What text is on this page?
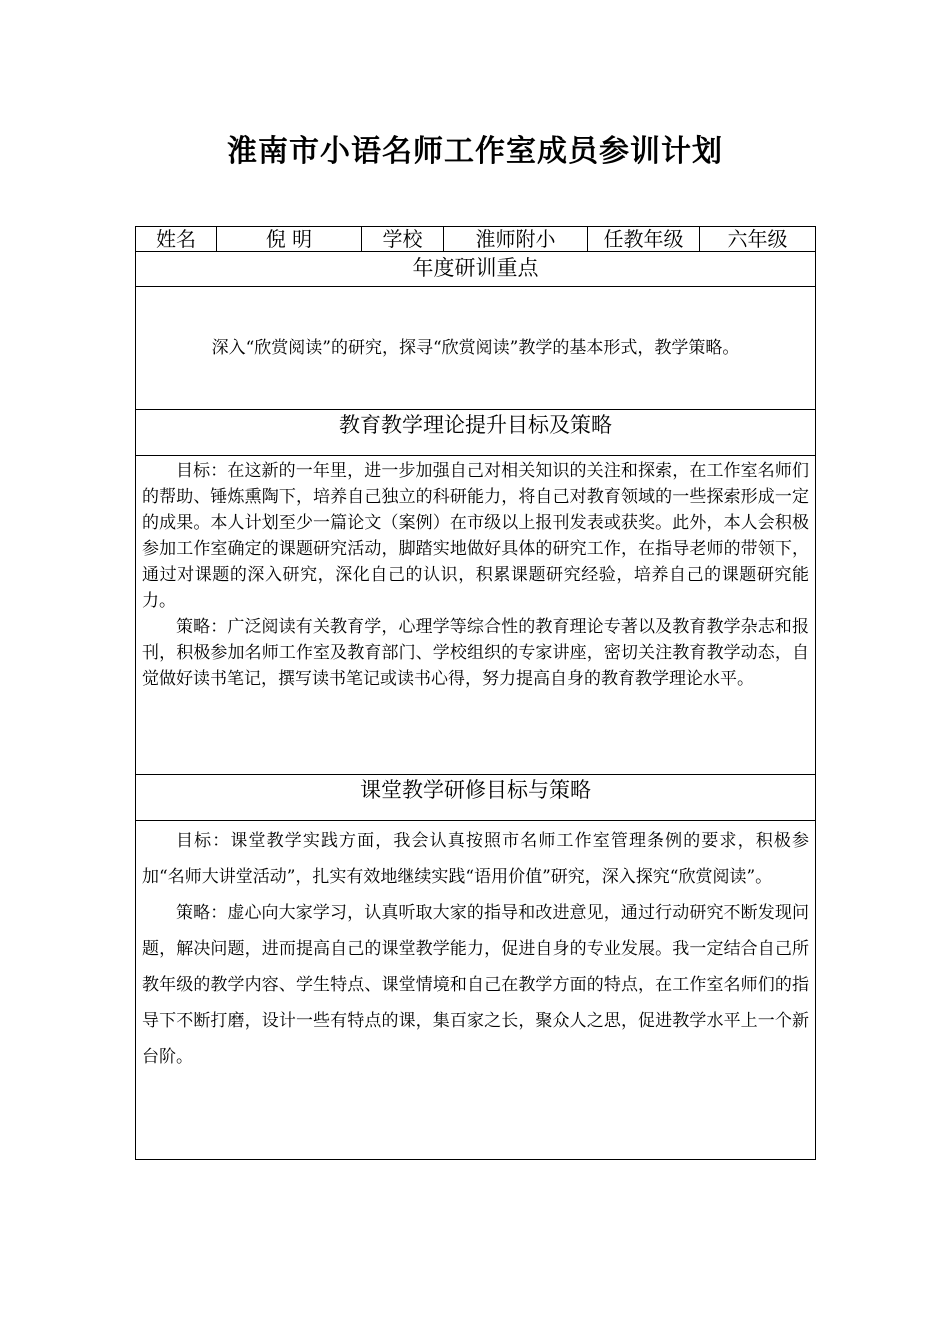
淮南市小语名师工作室成员参训计划
姓名	倪 明	学校	淮师附小	任教年级	六年级
年度研训重点
深入“欣赏阅读”的研究，探寻“欣赏阅读”教学的基本形式，教学策略。
教育教学理论提升目标及策略

目标：在这新的一年里，进一步加强自己对相关知识的关注和探索，在工作室名师们的帮助、锤炼熏陶下，培养自己独立的科研能力，将自己对教育领域的一些探索形成一定的成果。本人计划至少一篇论文（案例）在市级以上报刊发表或获奖。此外，本人会积极参加工作室确定的课题研究活动，脚踏实地做好具体的研究工作，在指导老师的带领下，通过对课题的深入研究，深化自己的认识，积累课题研究经验，培养自己的课题研究能力。

策略：广泛阅读有关教育学，心理学等综合性的教育理论专著以及教育教学杂志和报刊，积极参加名师工作室及教育部门、学校组织的专家讲座，密切关注教育教学动态，自觉做好读书笔记，撰写读书笔记或读书心得，努力提高自身的教育教学理论水平。

课堂教学研修目标与策略

目标：课堂教学实践方面，我会认真按照市名师工作室管理条例的要求，积极参加“名师大讲堂活动”，扎实有效地继续实践“语用价值”研究，深入探究“欣赏阅读”。

策略：虚心向大家学习，认真听取大家的指导和改进意见，通过行动研究不断发现问题，解决问题，进而提高自己的课堂教学能力，促进自身的专业发展。我一定结合自己所教年级的教学内容、学生特点、课堂情境和自己在教学方面的特点，在工作室名师们的指导下不断打磨，设计一些有特点的课，集百家之长，聚众人之思，促进教学水平上一个新台阶。
